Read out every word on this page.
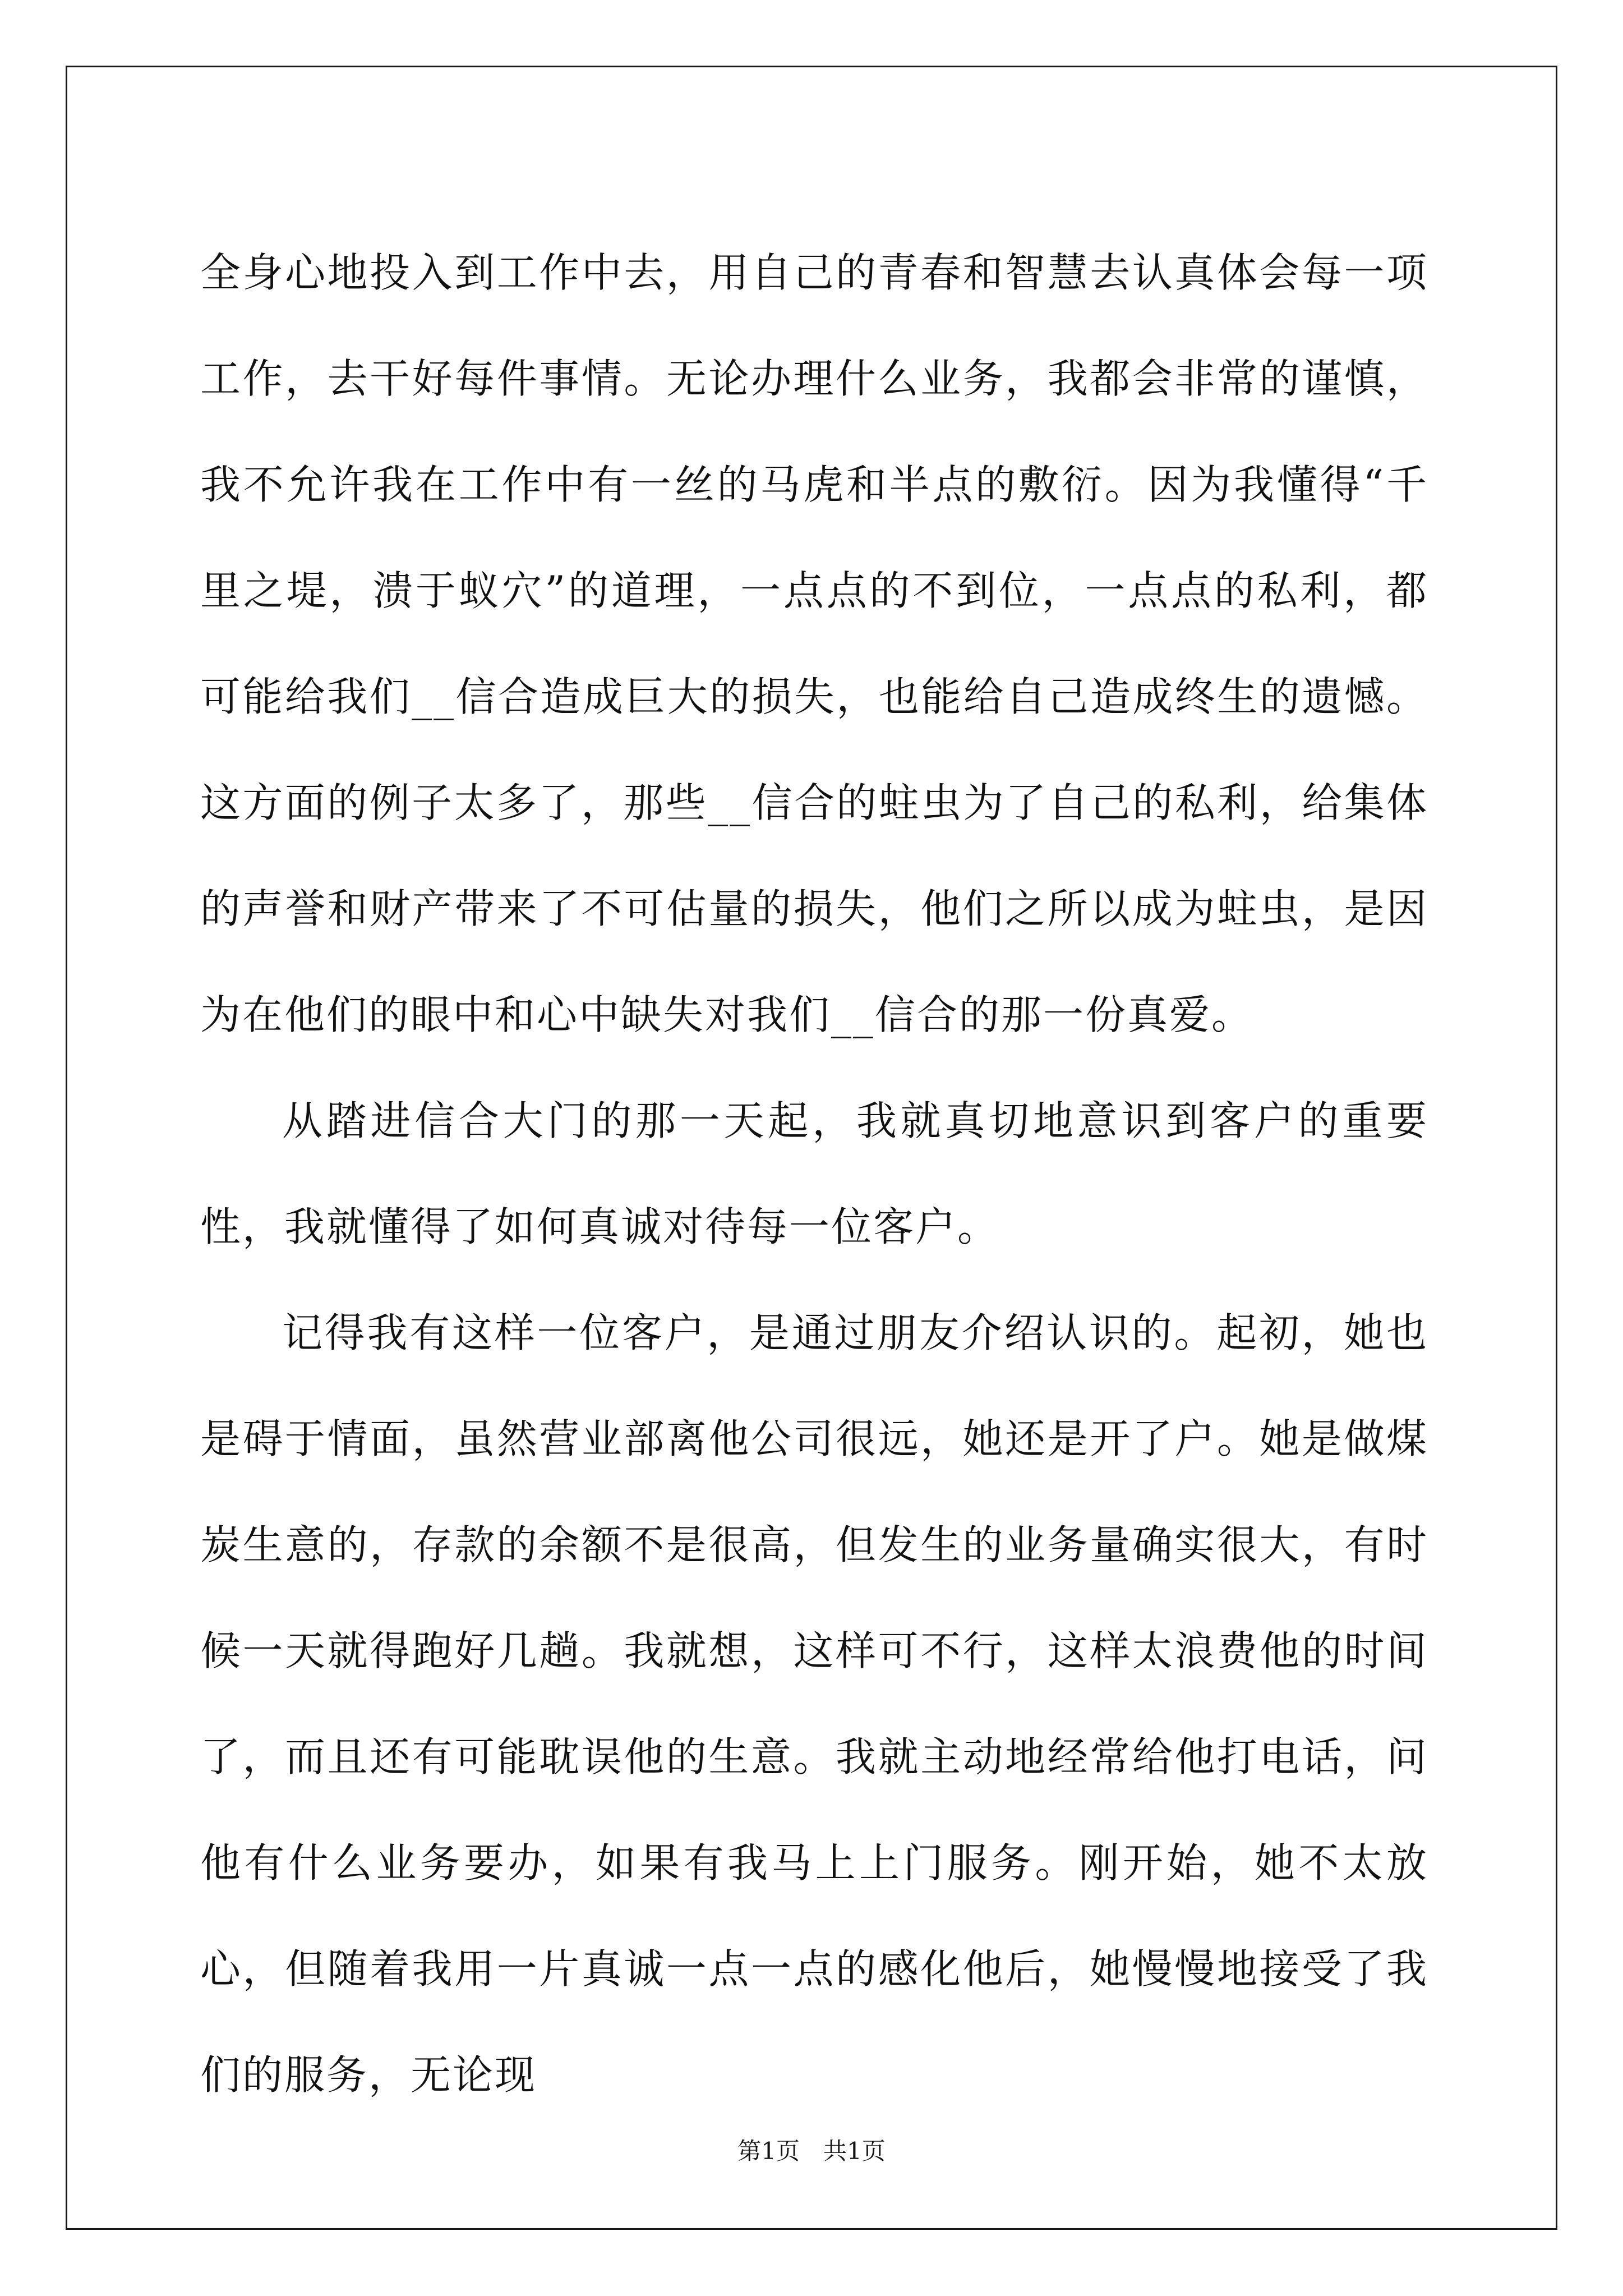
全身心地投入到工作中去，用自己的青春和智慧去认真体会每一项工作，去干好每件事情。无论办理什么业务，我都会非常的谨慎，我不允许我在工作中有一丝的马虎和半点的敷衍。因为我懂得“千里之堤，溃于蚁穴”的道理，一点点的不到位，一点点的私利，都可能给我们__信合造成巨大的损失，也能给自己造成终生的遗憾。这方面的例子太多了，那些__信合的蛀虫为了自己的私利，给集体的声誉和财产带来了不可估量的损失，他们之所以成为蛀虫，是因为在他们的眼中和心中缺失对我们__信合的那一份真爱。

从踏进信合大门的那一天起，我就真切地意识到客户的重要性，我就懂得了如何真诚对待每一位客户。

记得我有这样一位客户，是通过朋友介绍认识的。起初，她也是碍于情面，虽然营业部离他公司很远，她还是开了户。她是做煤炭生意的，存款的余额不是很高，但发生的业务量确实很大，有时候一天就得跑好几趟。我就想，这样可不行，这样太浪费他的时间了，而且还有可能耽误他的生意。我就主动地经常给他打电话，问他有什么业务要办，如果有我马上上门服务。刚开始，她不太放心，但随着我用一片真诚一点一点的感化他后，她慢慢地接受了我们的服务，无论现

第1页　共1页
